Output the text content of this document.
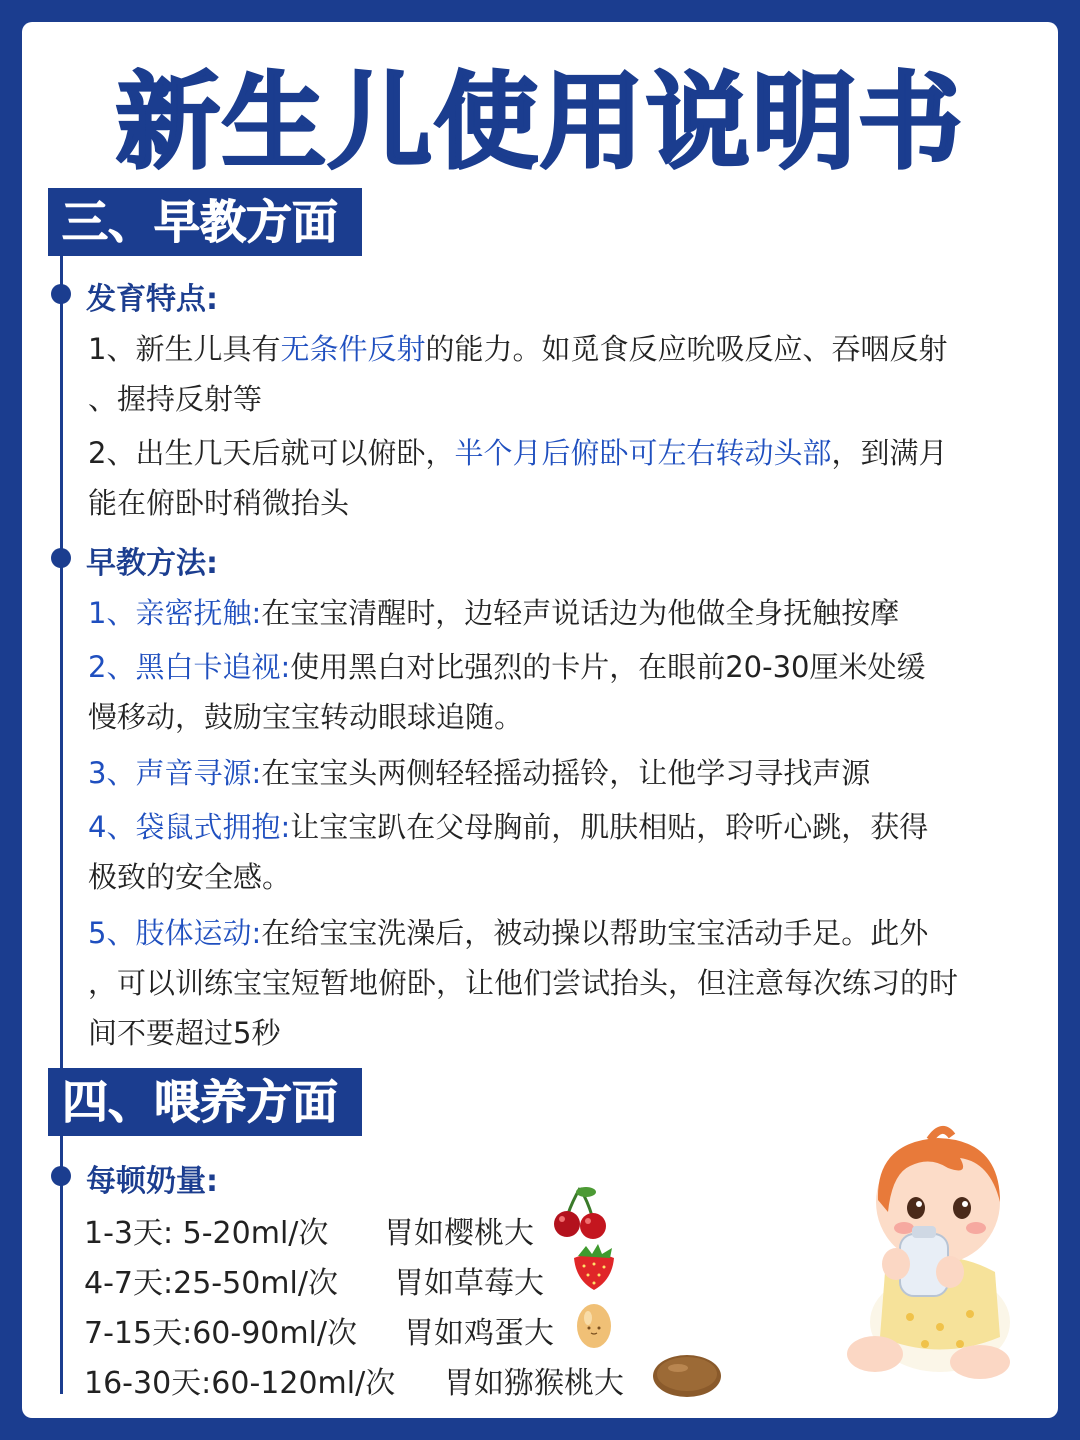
新生儿使用说明书
三、早教方面
发育特点:
1、新生儿具有无条件反射的能力。如觅食反应吮吸反应、吞咽反射
、握持反射等
2、出生几天后就可以俯卧，半个月后俯卧可左右转动头部，到满月
能在俯卧时稍微抬头
早教方法:
1、亲密抚触:在宝宝清醒时，边轻声说话边为他做全身抚触按摩
2、黑白卡追视:使用黑白对比强烈的卡片，在眼前20-30厘米处缓
慢移动，鼓励宝宝转动眼球追随。
3、声音寻源:在宝宝头两侧轻轻摇动摇铃，让他学习寻找声源
4、袋鼠式拥抱:让宝宝趴在父母胸前，肌肤相贴，聆听心跳，获得
极致的安全感。
5、肢体运动:在给宝宝洗澡后，被动操以帮助宝宝活动手足。此外
，可以训练宝宝短暂地俯卧，让他们尝试抬头，但注意每次练习的时
间不要超过5秒
四、喂养方面
每顿奶量:
1-3天: 5-20ml/次 胃如樱桃大
4-7天:25-50ml/次 胃如草莓大
7-15天:60-90ml/次 胃如鸡蛋大
16-30天:60-120ml/次 胃如猕猴桃大
